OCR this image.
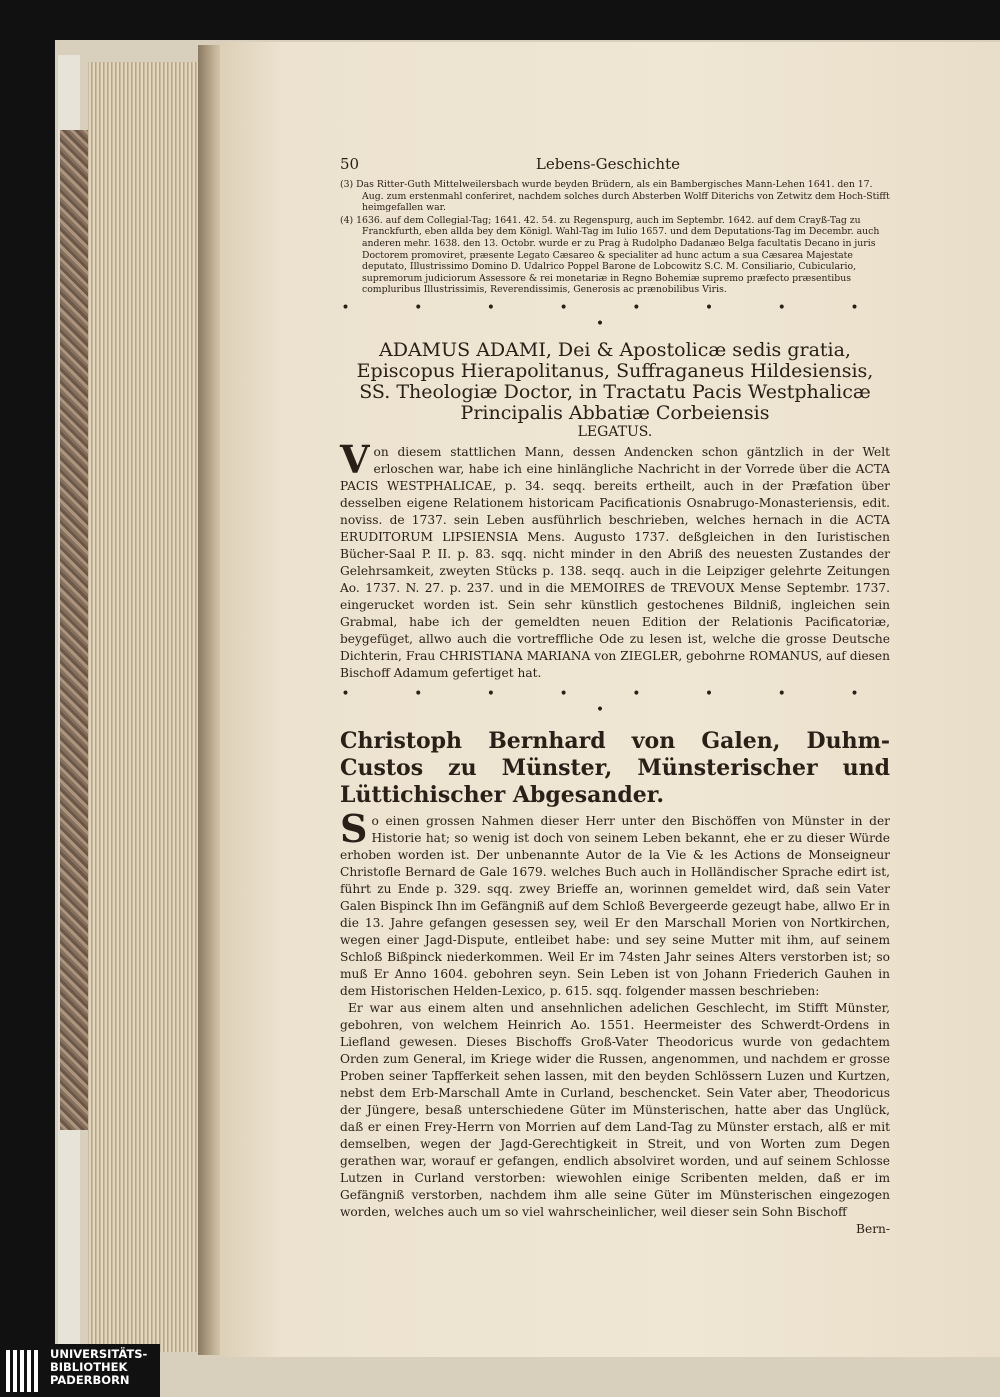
50	Lebens-Geschichte

(3) Das Ritter-Guth Mittelweilersbach wurde beyden Brüdern, als ein Bambergisches Mann-Lehen 1641. den 17. Aug. zum erstenmahl conferiret, nachdem solches durch Absterben Wolff Diterichs von Zetwitz dem Hoch-Stifft heimgefallen war.

(4) 1636. auf dem Collegial-Tag; 1641. 42. 54. zu Regenspurg, auch im Septembr. 1642. auf dem Crayß-Tag zu Franckfurth, eben allda bey dem Königl. Wahl-Tag im Iulio 1657. und dem Deputations-Tag im Decembr. auch anderen mehr. 1638. den 13. Octobr. wurde er zu Prag à Rudolpho Dadanæo Belga facultatis Decano in juris Doctorem promoviret, præsente Legato Cæsareo & specialiter ad hunc actum a sua Cæsarea Majestate deputato, Illustrissimo Domino D. Udalrico Poppel Barone de Lobcowitz S.C. M. Consiliario, Cubiculario, supremorum judiciorum Assessore & rei monetariæ in Regno Bohemiæ supremo præfecto præsentibus compluribus Illustrissimis, Reverendissimis, Generosis ac prænobilibus Viris.

• • • • • • • • •
ADAMUS ADAMI, Dei & Apostolicæ sedis gratia, Episcopus Hierapolitanus, Suffraganeus Hildesiensis, SS. Theologiæ Doctor, in Tractatu Pacis Westphalicæ Principalis Abbatiæ Corbeiensis
LEGATUS.

Von diesem stattlichen Mann, dessen Andencken schon gäntzlich in der Welt erloschen war, habe ich eine hinlängliche Nachricht in der Vorrede über die ACTA PACIS WESTPHALICAE, p. 34. seqq. bereits ertheilt, auch in der Præfation über desselben eigene Relationem historicam Pacificationis Osnabrugo-Monasteriensis, edit. noviss. de 1737. sein Leben ausführlich beschrieben, welches hernach in die ACTA ERUDITORUM LIPSIENSIA Mens. Augusto 1737. deßgleichen in den Iuristischen Bücher-Saal P. II. p. 83. sqq. nicht minder in den Abriß des neuesten Zustandes der Gelehrsamkeit, zweyten Stücks p. 138. seqq. auch in die Leipziger gelehrte Zeitungen Ao. 1737. N. 27. p. 237. und in die MEMOIRES de TREVOUX Mense Septembr. 1737. eingerucket worden ist. Sein sehr künstlich gestochenes Bildniß, ingleichen sein Grabmal, habe ich der gemeldten neuen Edition der Relationis Pacificatoriæ, beygefüget, allwo auch die vortreffliche Ode zu lesen ist, welche die grosse Deutsche Dichterin, Frau CHRISTIANA MARIANA von ZIEGLER, gebohrne ROMANUS, auf diesen Bischoff Adamum gefertiget hat.

• • • • • • • • •
Christoph Bernhard von Galen, Duhm-Custos zu Münster, Münsterischer und Lüttichischer Abgesander.

So einen grossen Nahmen dieser Herr unter den Bischöffen von Münster in der Historie hat; so wenig ist doch von seinem Leben bekannt, ehe er zu dieser Würde erhoben worden ist. Der unbenannte Autor de la Vie & les Actions de Monseigneur Christofle Bernard de Gale 1679. welches Buch auch in Holländischer Sprache edirt ist, führt zu Ende p. 329. sqq. zwey Brieffe an, worinnen gemeldet wird, daß sein Vater Galen Bispinck Ihn im Gefängniß auf dem Schloß Bevergeerde gezeugt habe, allwo Er in die 13. Jahre gefangen gesessen sey, weil Er den Marschall Morien von Nortkirchen, wegen einer Jagd-Dispute, entleibet habe: und sey seine Mutter mit ihm, auf seinem Schloß Bißpinck niederkommen. Weil Er im 74sten Jahr seines Alters verstorben ist; so muß Er Anno 1604. gebohren seyn. Sein Leben ist von Johann Friederich Gauhen in dem Historischen Helden-Lexico, p. 615. sqq. folgender massen beschrieben:

Er war aus einem alten und ansehnlichen adelichen Geschlecht, im Stifft Münster, gebohren, von welchem Heinrich Ao. 1551. Heermeister des Schwerdt-Ordens in Liefland gewesen. Dieses Bischoffs Groß-Vater Theodoricus wurde von gedachtem Orden zum General, im Kriege wider die Russen, angenommen, und nachdem er grosse Proben seiner Tapfferkeit sehen lassen, mit den beyden Schlössern Luzen und Kurtzen, nebst dem Erb-Marschall Amte in Curland, beschencket. Sein Vater aber, Theodoricus der Jüngere, besaß unterschiedene Güter im Münsterischen, hatte aber das Unglück, daß er einen Frey-Herrn von Morrien auf dem Land-Tag zu Münster erstach, alß er mit demselben, wegen der Jagd-Gerechtigkeit in Streit, und von Worten zum Degen gerathen war, worauf er gefangen, endlich absolviret worden, und auf seinem Schlosse Lutzen in Curland verstorben: wiewohlen einige Scribenten melden, daß er im Gefängniß verstorben, nachdem ihm alle seine Güter im Münsterischen eingezogen worden, welches auch um so viel wahrscheinlicher, weil dieser sein Sohn Bischoff

Bern-

UNIVERSITÄTS-
BIBLIOTHEK
PADERBORN
